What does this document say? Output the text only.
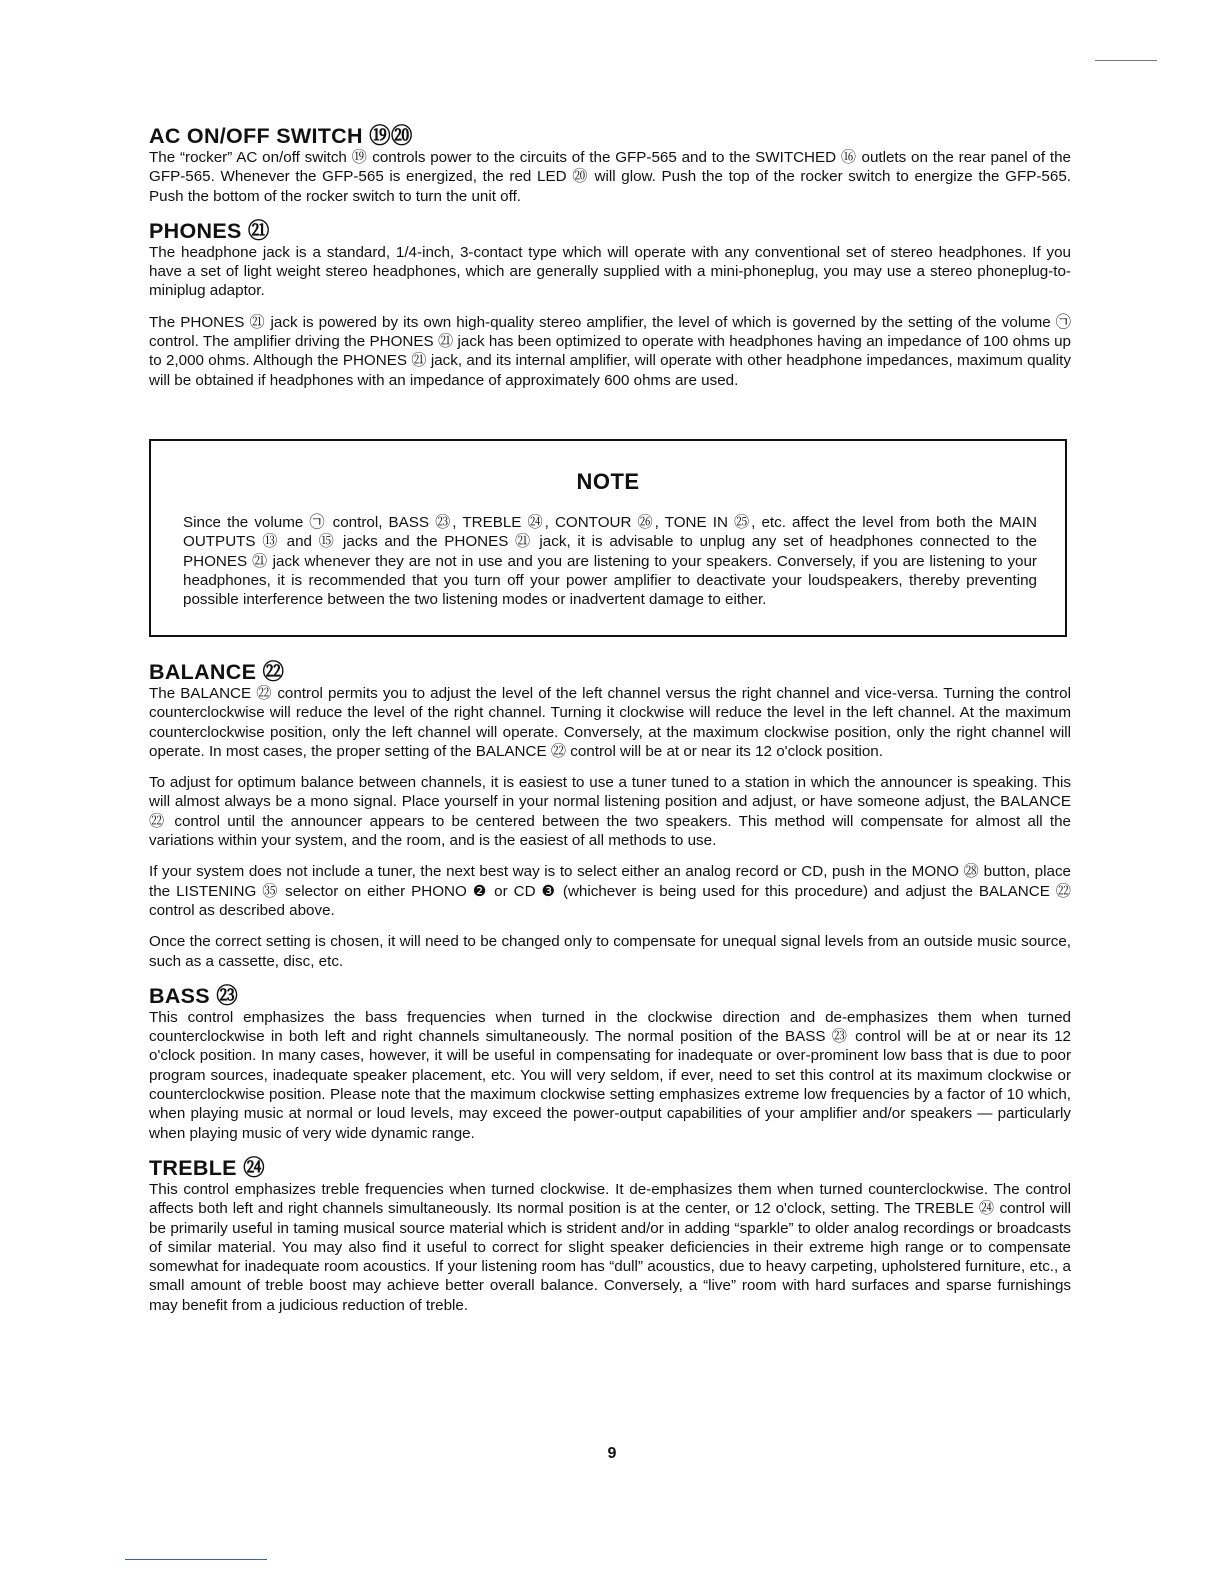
AC ON/OFF SWITCH ⑲⑳

The “rocker” AC on/off switch ⑲ controls power to the circuits of the GFP-565 and to the SWITCHED ⑯ outlets on the rear panel of the GFP-565. Whenever the GFP-565 is energized, the red LED ⑳ will glow. Push the top of the rocker switch to energize the GFP-565. Push the bottom of the rocker switch to turn the unit off.

PHONES ㉑

The headphone jack is a standard, 1/4-inch, 3-contact type which will operate with any conventional set of stereo headphones. If you have a set of light weight stereo headphones, which are generally supplied with a mini-phoneplug, you may use a stereo phoneplug-to-miniplug adaptor.

The PHONES ㉑ jack is powered by its own high-quality stereo amplifier, the level of which is governed by the setting of the volume ㉠ control. The amplifier driving the PHONES ㉑ jack has been optimized to operate with headphones having an impedance of 100 ohms up to 2,000 ohms. Although the PHONES ㉑ jack, and its internal amplifier, will operate with other headphone impedances, maximum quality will be obtained if headphones with an impedance of approximately 600 ohms are used.

NOTE

Since the volume ㉠ control, BASS ㉓, TREBLE ㉔, CONTOUR ㉖, TONE IN ㉕, etc. affect the level from both the MAIN OUTPUTS ⑬ and ⑮ jacks and the PHONES ㉑ jack, it is advisable to unplug any set of headphones connected to the PHONES ㉑ jack whenever they are not in use and you are listening to your speakers. Conversely, if you are listening to your headphones, it is recommended that you turn off your power amplifier to deactivate your loudspeakers, thereby preventing possible interference between the two listening modes or inadvertent damage to either.

BALANCE ㉒

The BALANCE ㉒ control permits you to adjust the level of the left channel versus the right channel and vice-versa. Turning the control counterclockwise will reduce the level of the right channel. Turning it clockwise will reduce the level in the left channel. At the maximum counterclockwise position, only the left channel will operate. Conversely, at the maximum clockwise position, only the right channel will operate. In most cases, the proper setting of the BALANCE ㉒ control will be at or near its 12 o'clock position.

To adjust for optimum balance between channels, it is easiest to use a tuner tuned to a station in which the announcer is speaking. This will almost always be a mono signal. Place yourself in your normal listening position and adjust, or have someone adjust, the BALANCE ㉒ control until the announcer appears to be centered between the two speakers. This method will compensate for almost all the variations within your system, and the room, and is the easiest of all methods to use.

If your system does not include a tuner, the next best way is to select either an analog record or CD, push in the MONO ㉘ button, place the LISTENING ㉟ selector on either PHONO ❷ or CD ❸ (whichever is being used for this procedure) and adjust the BALANCE ㉒ control as described above.

Once the correct setting is chosen, it will need to be changed only to compensate for unequal signal levels from an outside music source, such as a cassette, disc, etc.

BASS ㉓

This control emphasizes the bass frequencies when turned in the clockwise direction and de-emphasizes them when turned counterclockwise in both left and right channels simultaneously. The normal position of the BASS ㉓ control will be at or near its 12 o'clock position. In many cases, however, it will be useful in compensating for inadequate or over-prominent low bass that is due to poor program sources, inadequate speaker placement, etc. You will very seldom, if ever, need to set this control at its maximum clockwise or counterclockwise position. Please note that the maximum clockwise setting emphasizes extreme low frequencies by a factor of 10 which, when playing music at normal or loud levels, may exceed the power-output capabilities of your amplifier and/or speakers — particularly when playing music of very wide dynamic range.

TREBLE ㉔

This control emphasizes treble frequencies when turned clockwise. It de-emphasizes them when turned counterclockwise. The control affects both left and right channels simultaneously. Its normal position is at the center, or 12 o'clock, setting. The TREBLE ㉔ control will be primarily useful in taming musical source material which is strident and/or in adding “sparkle” to older analog recordings or broadcasts of similar material. You may also find it useful to correct for slight speaker deficiencies in their extreme high range or to compensate somewhat for inadequate room acoustics. If your listening room has “dull” acoustics, due to heavy carpeting, upholstered furniture, etc., a small amount of treble boost may achieve better overall balance. Conversely, a “live” room with hard surfaces and sparse furnishings may benefit from a judicious reduction of treble.

9
